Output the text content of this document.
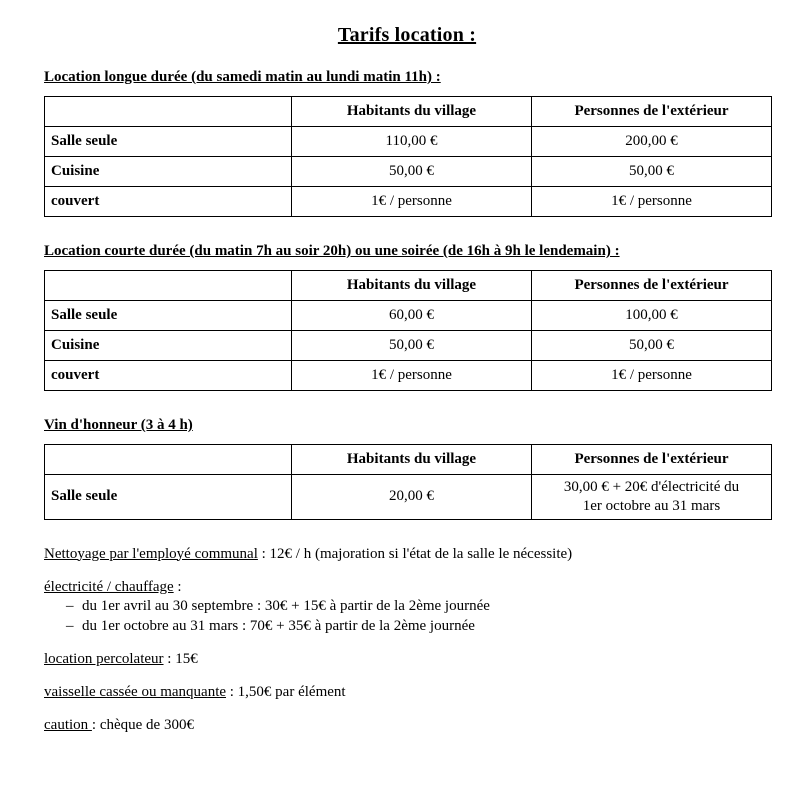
Tarifs location :
Location longue durée (du samedi matin au lundi matin 11h) :
	Habitants du village	Personnes de l'extérieur
Salle seule	110,00 €	200,00 €
Cuisine	50,00 €	50,00 €
couvert	1€ / personne	1€ / personne
Location courte durée (du matin 7h au soir 20h) ou une soirée (de 16h à 9h le lendemain) :
	Habitants du village	Personnes de l'extérieur
Salle seule	60,00 €	100,00 €
Cuisine	50,00 €	50,00 €
couvert	1€ / personne	1€ / personne
Vin d'honneur (3 à 4 h)
	Habitants du village	Personnes de l'extérieur
Salle seule	20,00 €	30,00 € + 20€ d'électricité du
1er octobre au 31 mars
Nettoyage par l'employé communal : 12€ / h (majoration si l'état de la salle le nécessite)
électricité / chauffage :
– du 1er avril au 30 septembre : 30€ + 15€ à partir de la 2ème journée
– du 1er octobre au 31 mars : 70€ + 35€ à partir de la 2ème journée
location percolateur : 15€
vaisselle cassée ou manquante : 1,50€ par élément
caution : chèque de 300€
